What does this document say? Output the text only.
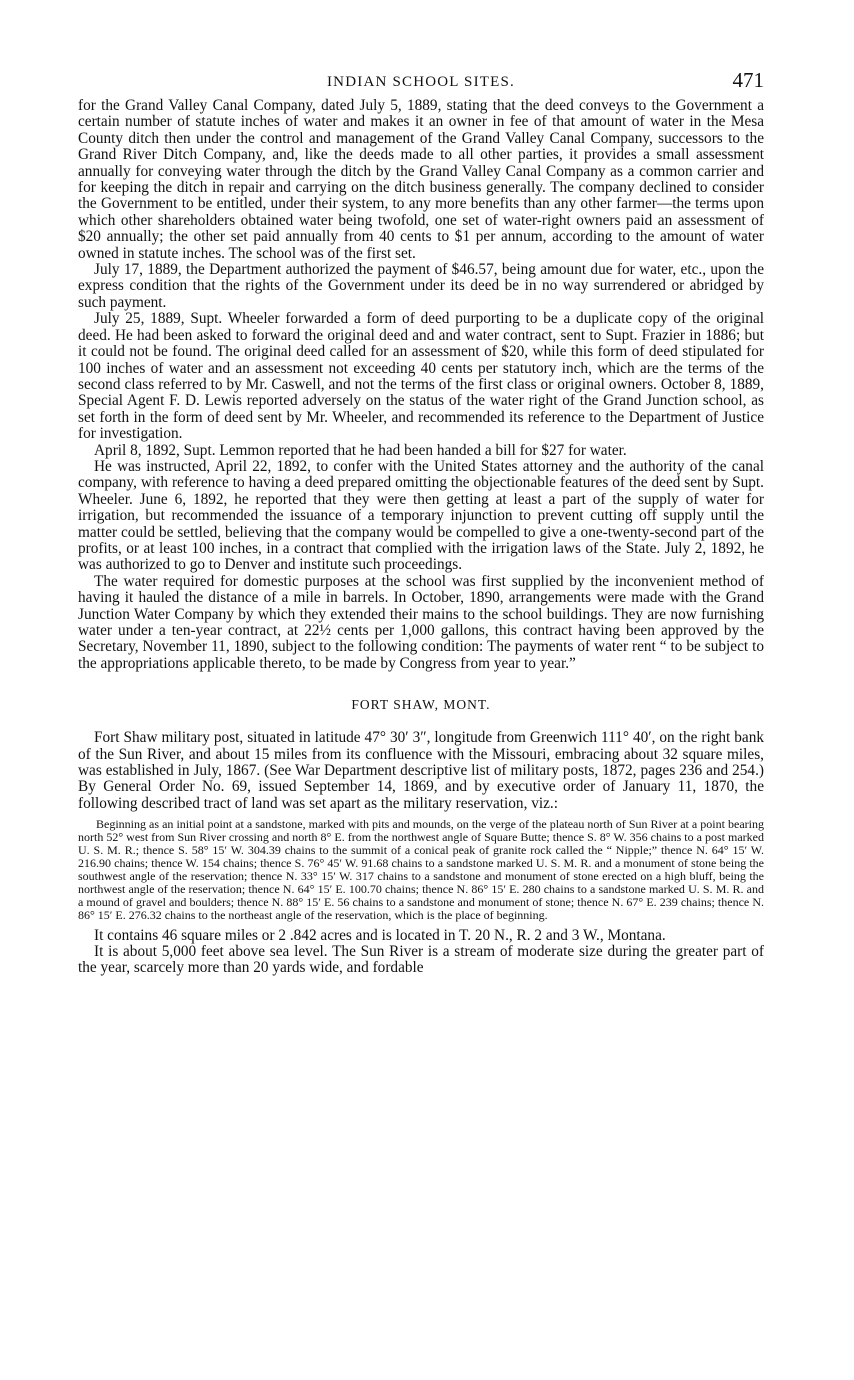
INDIAN SCHOOL SITES.	471

for the Grand Valley Canal Company, dated July 5, 1889, stating that the deed conveys to the Government a certain number of statute inches of water and makes it an owner in fee of that amount of water in the Mesa County ditch then under the control and management of the Grand Valley Canal Company, successors to the Grand River Ditch Company, and, like the deeds made to all other parties, it provides a small assessment annually for conveying water through the ditch by the Grand Valley Canal Company as a common carrier and for keeping the ditch in repair and carrying on the ditch business generally. The company declined to consider the Government to be entitled, under their system, to any more benefits than any other farmer—the terms upon which other shareholders obtained water being twofold, one set of water-right owners paid an assessment of $20 annually; the other set paid annually from 40 cents to $1 per annum, according to the amount of water owned in statute inches. The school was of the first set.

July 17, 1889, the Department authorized the payment of $46.57, being amount due for water, etc., upon the express condition that the rights of the Government under its deed be in no way surrendered or abridged by such payment.

July 25, 1889, Supt. Wheeler forwarded a form of deed purporting to be a duplicate copy of the original deed. He had been asked to forward the original deed and and water contract, sent to Supt. Frazier in 1886; but it could not be found. The original deed called for an assessment of $20, while this form of deed stipulated for 100 inches of water and an assessment not exceeding 40 cents per statutory inch, which are the terms of the second class referred to by Mr. Caswell, and not the terms of the first class or original owners. October 8, 1889, Special Agent F. D. Lewis reported adversely on the status of the water right of the Grand Junction school, as set forth in the form of deed sent by Mr. Wheeler, and recommended its reference to the Department of Justice for investigation.

April 8, 1892, Supt. Lemmon reported that he had been handed a bill for $27 for water.

He was instructed, April 22, 1892, to confer with the United States attorney and the authority of the canal company, with reference to having a deed prepared omitting the objectionable features of the deed sent by Supt. Wheeler. June 6, 1892, he reported that they were then getting at least a part of the supply of water for irrigation, but recommended the issuance of a temporary injunction to prevent cutting off supply until the matter could be settled, believing that the company would be compelled to give a one-twenty-second part of the profits, or at least 100 inches, in a contract that complied with the irrigation laws of the State. July 2, 1892, he was authorized to go to Denver and institute such proceedings.

The water required for domestic purposes at the school was first supplied by the inconvenient method of having it hauled the distance of a mile in barrels. In October, 1890, arrangements were made with the Grand Junction Water Company by which they extended their mains to the school buildings. They are now furnishing water under a ten-year contract, at 22½ cents per 1,000 gallons, this contract having been approved by the Secretary, November 11, 1890, subject to the following condition: The payments of water rent “ to be subject to the appropriations applicable thereto, to be made by Congress from year to year.”

FORT SHAW, MONT.

Fort Shaw military post, situated in latitude 47° 30′ 3″, longitude from Greenwich 111° 40′, on the right bank of the Sun River, and about 15 miles from its confluence with the Missouri, embracing about 32 square miles, was established in July, 1867. (See War Department descriptive list of military posts, 1872, pages 236 and 254.) By General Order No. 69, issued September 14, 1869, and by executive order of January 11, 1870, the following described tract of land was set apart as the military reservation, viz.:

Beginning as an initial point at a sandstone, marked with pits and mounds, on the verge of the plateau north of Sun River at a point bearing north 52° west from Sun River crossing and north 8° E. from the northwest angle of Square Butte; thence S. 8° W. 356 chains to a post marked U. S. M. R.; thence S. 58° 15′ W. 304.39 chains to the summit of a conical peak of granite rock called the “ Nipple;” thence N. 64° 15′ W. 216.90 chains; thence W. 154 chains; thence S. 76° 45′ W. 91.68 chains to a sandstone marked U. S. M. R. and a monument of stone being the southwest angle of the reservation; thence N. 33° 15′ W. 317 chains to a sandstone and monument of stone erected on a high bluff, being the northwest angle of the reservation; thence N. 64° 15′ E. 100.70 chains; thence N. 86° 15′ E. 280 chains to a sandstone marked U. S. M. R. and a mound of gravel and boulders; thence N. 88° 15′ E. 56 chains to a sandstone and monument of stone; thence N. 67° E. 239 chains; thence N. 86° 15′ E. 276.32 chains to the northeast angle of the reservation, which is the place of beginning.

It contains 46 square miles or 2 .842 acres and is located in T. 20 N., R. 2 and 3 W., Montana.

It is about 5,000 feet above sea level. The Sun River is a stream of moderate size during the greater part of the year, scarcely more than 20 yards wide, and fordable
